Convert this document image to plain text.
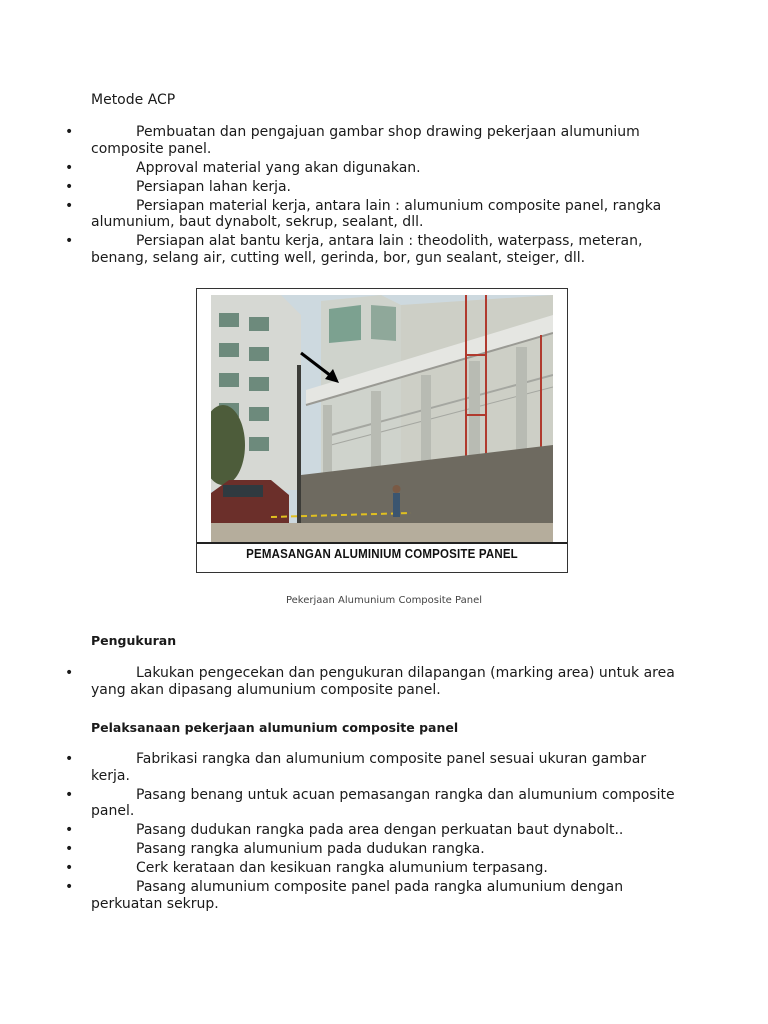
Metode ACP
• Pembuatan dan pengajuan gambar shop drawing pekerjaan alumunium composite panel.
• Approval material yang akan digunakan.
• Persiapan lahan kerja.
• Persiapan material kerja, antara lain : alumunium composite panel, rangka alumunium, baut dynabolt, sekrup, sealant, dll.
• Persiapan alat bantu kerja, antara lain : theodolith, waterpass, meteran, benang, selang air, cutting well, gerinda, bor, gun sealant, steiger, dll.
PEMASANGAN ALUMINIUM COMPOSITE PANEL
Pekerjaan Alumunium Composite Panel
Pengukuran
• Lakukan pengecekan dan pengukuran dilapangan (marking area) untuk area yang akan dipasang alumunium composite panel.
Pelaksanaan pekerjaan alumunium composite panel
• Fabrikasi rangka dan alumunium composite panel sesuai ukuran gambar kerja.
• Pasang benang untuk acuan pemasangan rangka dan alumunium composite panel.
• Pasang dudukan rangka pada area dengan perkuatan baut dynabolt..
• Pasang rangka alumunium pada dudukan rangka.
• Cerk kerataan dan kesikuan rangka alumunium terpasang.
• Pasang alumunium composite panel pada rangka alumunium dengan perkuatan sekrup.
